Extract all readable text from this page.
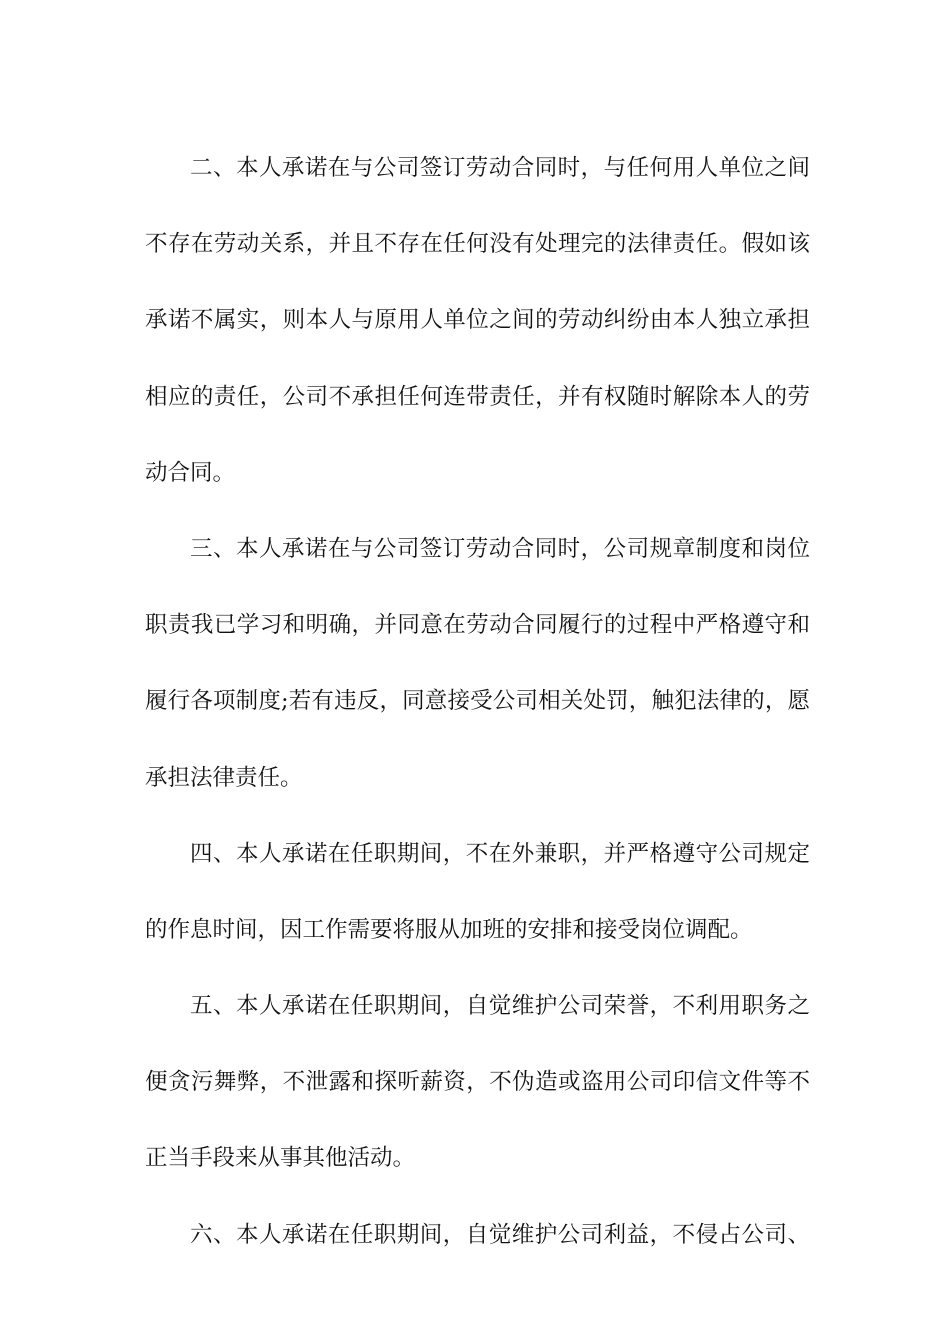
二、本人承诺在与公司签订劳动合同时，与任何用人单位之间
不存在劳动关系，并且不存在任何没有处理完的法律责任。假如该
承诺不属实，则本人与原用人单位之间的劳动纠纷由本人独立承担
相应的责任，公司不承担任何连带责任，并有权随时解除本人的劳
动合同。
三、本人承诺在与公司签订劳动合同时，公司规章制度和岗位
职责我已学习和明确，并同意在劳动合同履行的过程中严格遵守和
履行各项制度;若有违反，同意接受公司相关处罚，触犯法律的，愿
承担法律责任。
四、本人承诺在任职期间，不在外兼职，并严格遵守公司规定
的作息时间，因工作需要将服从加班的安排和接受岗位调配。
五、本人承诺在任职期间，自觉维护公司荣誉，不利用职务之
便贪污舞弊，不泄露和探听薪资，不伪造或盗用公司印信文件等不
正当手段来从事其他活动。
六、本人承诺在任职期间，自觉维护公司利益，不侵占公司、
